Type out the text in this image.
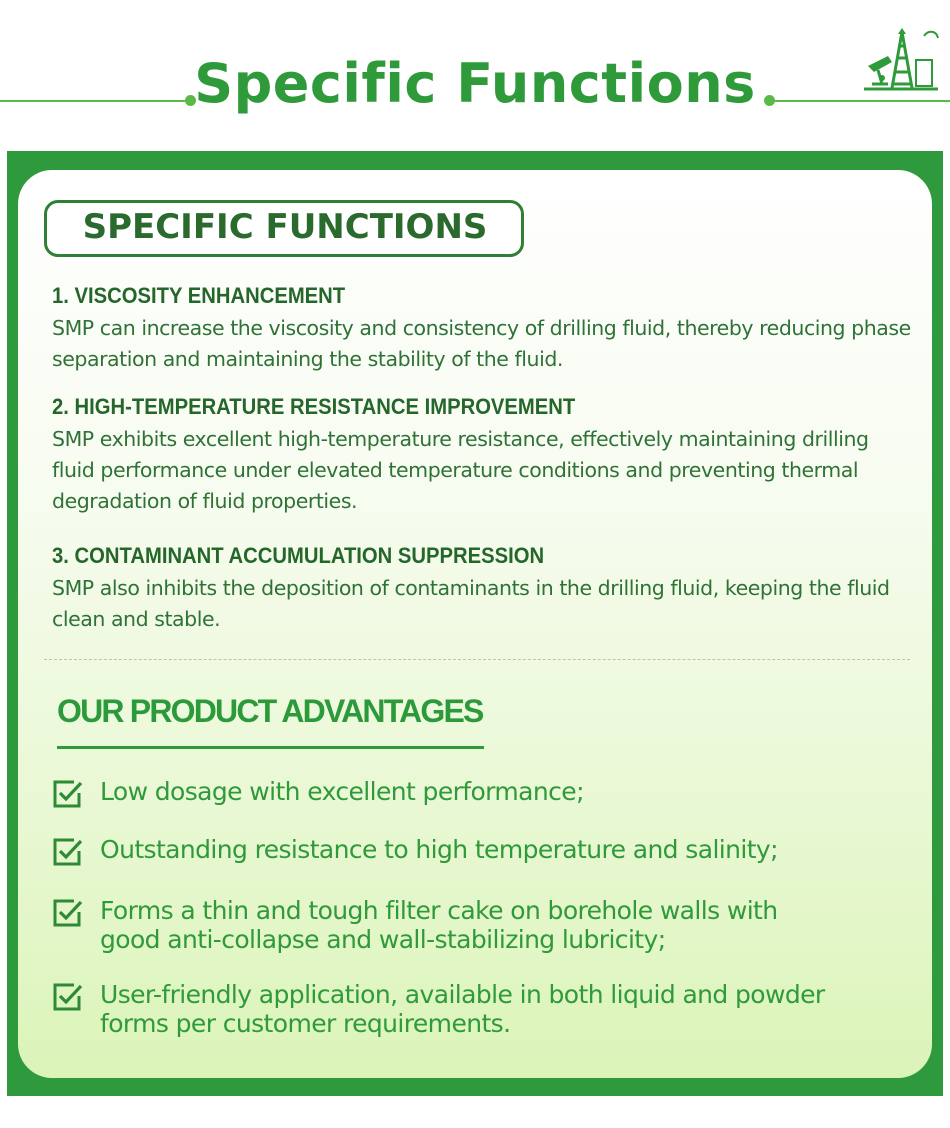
Specific Functions
SPECIFIC FUNCTIONS
1. VISCOSITY ENHANCEMENT

SMP can increase the viscosity and consistency of drilling fluid, thereby reducing phase separation and maintaining the stability of the fluid.

2. HIGH-TEMPERATURE RESISTANCE IMPROVEMENT

SMP exhibits excellent high-temperature resistance, effectively maintaining drilling fluid performance under elevated temperature conditions and preventing thermal degradation of fluid properties.

3. CONTAMINANT ACCUMULATION SUPPRESSION

SMP also inhibits the deposition of contaminants in the drilling fluid, keeping the fluid clean and stable.

OUR PRODUCT ADVANTAGES

Low dosage with excellent performance;

Outstanding resistance to high temperature and salinity;

Forms a thin and tough filter cake on borehole walls with good anti-collapse and wall-stabilizing lubricity;

User-friendly application, available in both liquid and powder forms per customer requirements.
